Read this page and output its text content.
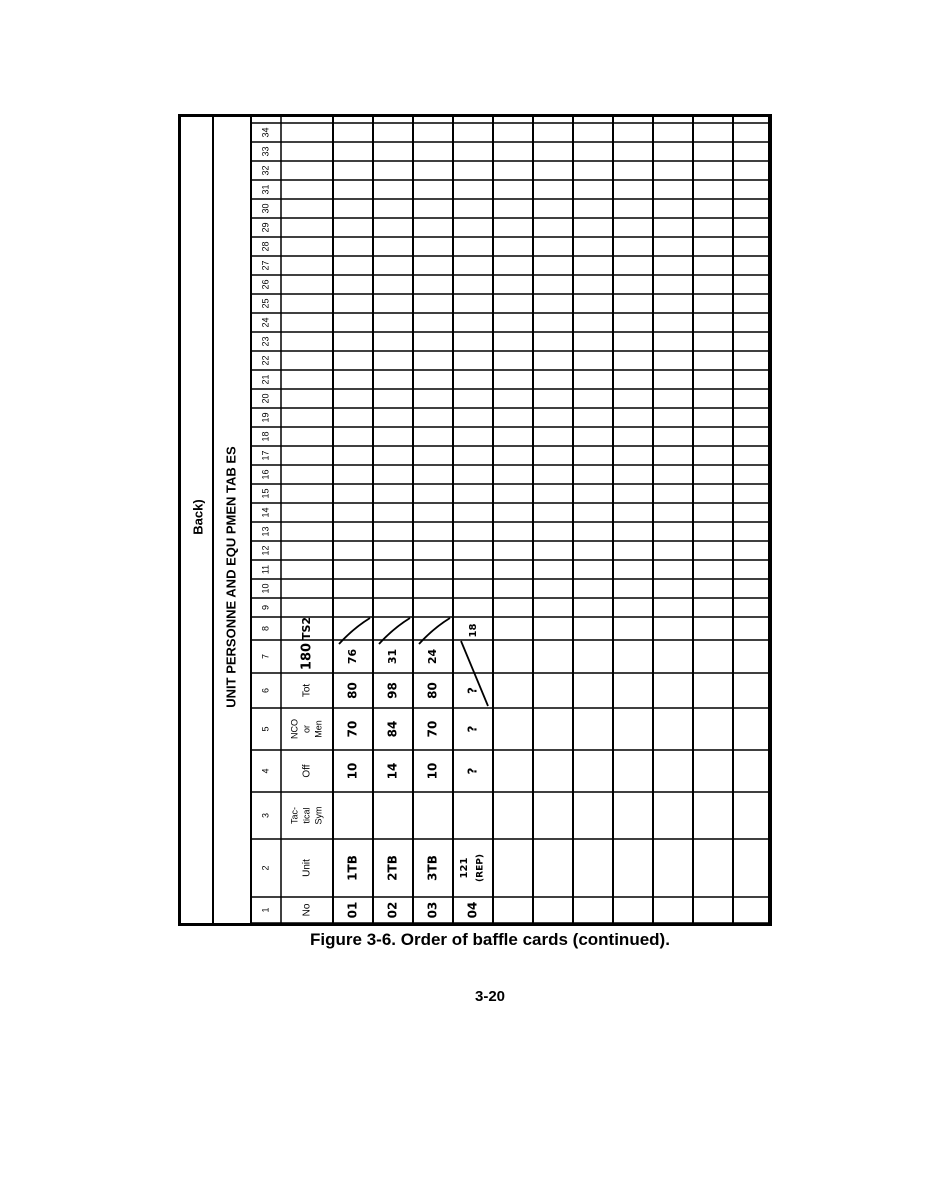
Back) UNIT PERSONNE AND EQU PMEN TAB ES
1
2
3
4
5
6
7
8
9
10
11
12
13
14
15
16
17
18
19
20
21
22
23
24
25
26
27
28
29
30
31
32
33
34
No
Unit
Tac- tical Sym
Off
NCO or Men
Tot
180
TS2
01
1TB
10
70
80
76
02
2TB
14
84
98
31
03
3TB
10
70
80
24
04
121 (REP)
?
?
?
18
Figure 3-6. Order of baffle cards (continued).
3-20
